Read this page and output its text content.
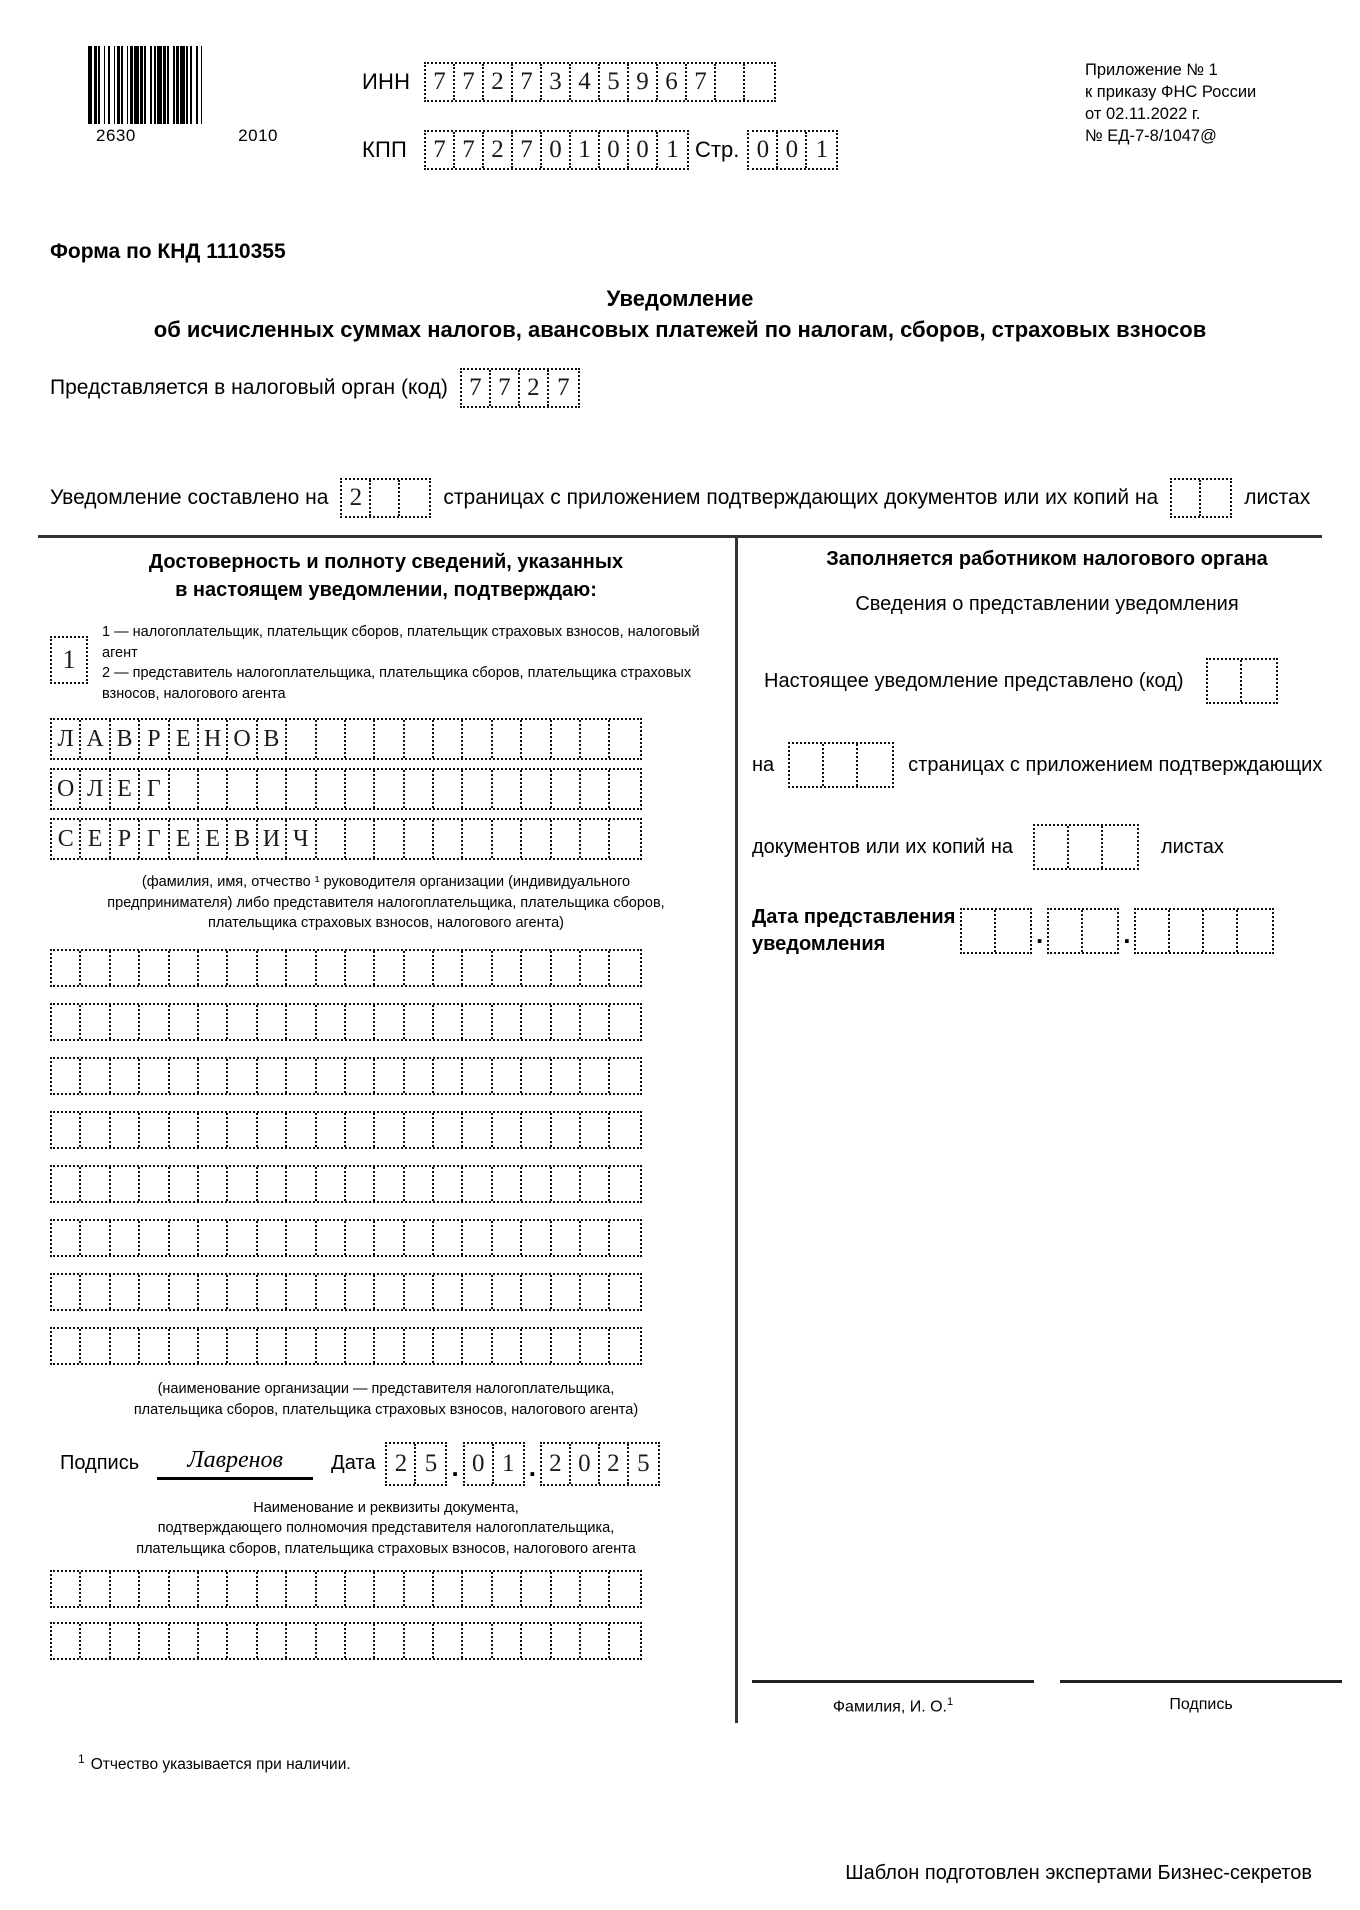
2630	2010
ИНН 7 7 2 7 3 4 5 9 6 7
КПП	7 7 2 7 0 1 0 0 1 Стр. 0 0 1
Приложение № 1
к приказу ФНС России
от 02.11.2022 г.
№ ЕД-7-8/1047@
Форма по КНД 1110355
Уведомление
об исчисленных суммах налогов, авансовых платежей по налогам, сборов, страховых взносов
Представляется в налоговый орган (код) 7 7 2 7
Уведомление составлено на 2	страницах с приложением подтверждающих документов или их копий на	листах
Достоверность и полноту сведений, указанных
в настоящем уведомлении, подтверждаю:
1
1 — налогоплательщик, плательщик сборов, плательщик страховых взносов, налоговый агент
2 — представитель налогоплательщика, плательщика сборов, плательщика страховых взносов, налогового агента
Л А В Р Е Н О В
О Л Е Г
С Е Р Г Е Е В И Ч
(фамилия, имя, отчество ¹ руководителя организации (индивидуального
предпринимателя) либо представителя налогоплательщика, плательщика сборов,
плательщика страховых взносов, налогового агента)
(наименование организации — представителя налогоплательщика,
плательщика сборов, плательщика страховых взносов, налогового агента)
Подпись	Лавренов	Дата 2 5 . 0 1 . 2 0 2 5
Наименование и реквизиты документа,
подтверждающего полномочия представителя налогоплательщика,
плательщика сборов, плательщика страховых взносов, налогового агента
Заполняется работником налогового органа
Сведения о представлении уведомления
Настоящее уведомление представлено (код)
на	страницах с приложением подтверждающих
документов или их копий на	листах
Дата представления
уведомления	.	.
Фамилия, И. О.$^1$	Подпись
$^1$ Отчество указывается при наличии.
Шаблон подготовлен экспертами Бизнес-секретов
